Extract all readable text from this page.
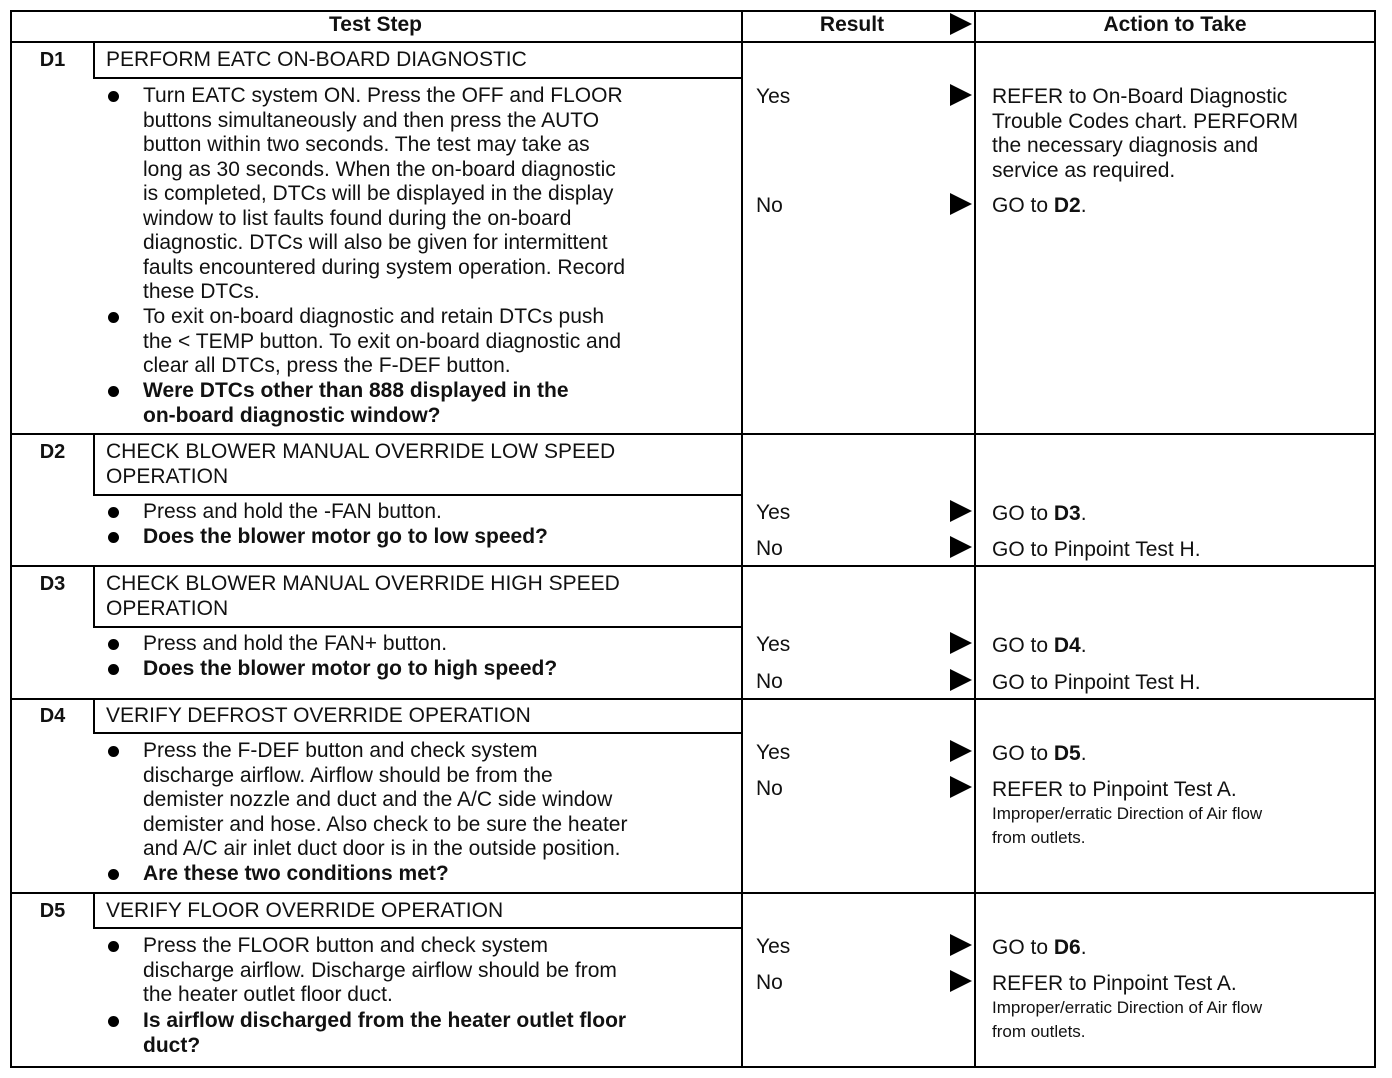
Test Step	Result	Action to Take
D1	PERFORM EATC ON-BOARD DIAGNOSTIC
Turn EATC system ON. Press the OFF and FLOOR
buttons simultaneously and then press the AUTO
button within two seconds. The test may take as
long as 30 seconds. When the on-board diagnostic
is completed, DTCs will be displayed in the display
window to list faults found during the on-board
diagnostic. DTCs will also be given for intermittent
faults encountered during system operation. Record
these DTCs.
To exit on-board diagnostic and retain DTCs push
the < TEMP button. To exit on-board diagnostic and
clear all DTCs, press the F-DEF button.
Were DTCs other than 888 displayed in the
on-board diagnostic window?
Yes	REFER to On-Board Diagnostic
Trouble Codes chart. PERFORM
the necessary diagnosis and
service as required.
No	GO to D2.
D2	CHECK BLOWER MANUAL OVERRIDE LOW SPEED
OPERATION
Press and hold the -FAN button.
Does the blower motor go to low speed?
Yes	GO to D3.
No	GO to Pinpoint Test H.
D3	CHECK BLOWER MANUAL OVERRIDE HIGH SPEED
OPERATION
Press and hold the FAN+ button.
Does the blower motor go to high speed?
Yes	GO to D4.
No	GO to Pinpoint Test H.
D4	VERIFY DEFROST OVERRIDE OPERATION
Press the F-DEF button and check system
discharge airflow. Airflow should be from the
demister nozzle and duct and the A/C side window
demister and hose. Also check to be sure the heater
and A/C air inlet duct door is in the outside position.
Are these two conditions met?
Yes	GO to D5.
No	REFER to Pinpoint Test A.
Improper/erratic Direction of Air flow
from outlets.
D5	VERIFY FLOOR OVERRIDE OPERATION
Press the FLOOR button and check system
discharge airflow. Discharge airflow should be from
the heater outlet floor duct.
Is airflow discharged from the heater outlet floor
duct?
Yes	GO to D6.
No	REFER to Pinpoint Test A.
Improper/erratic Direction of Air flow
from outlets.
